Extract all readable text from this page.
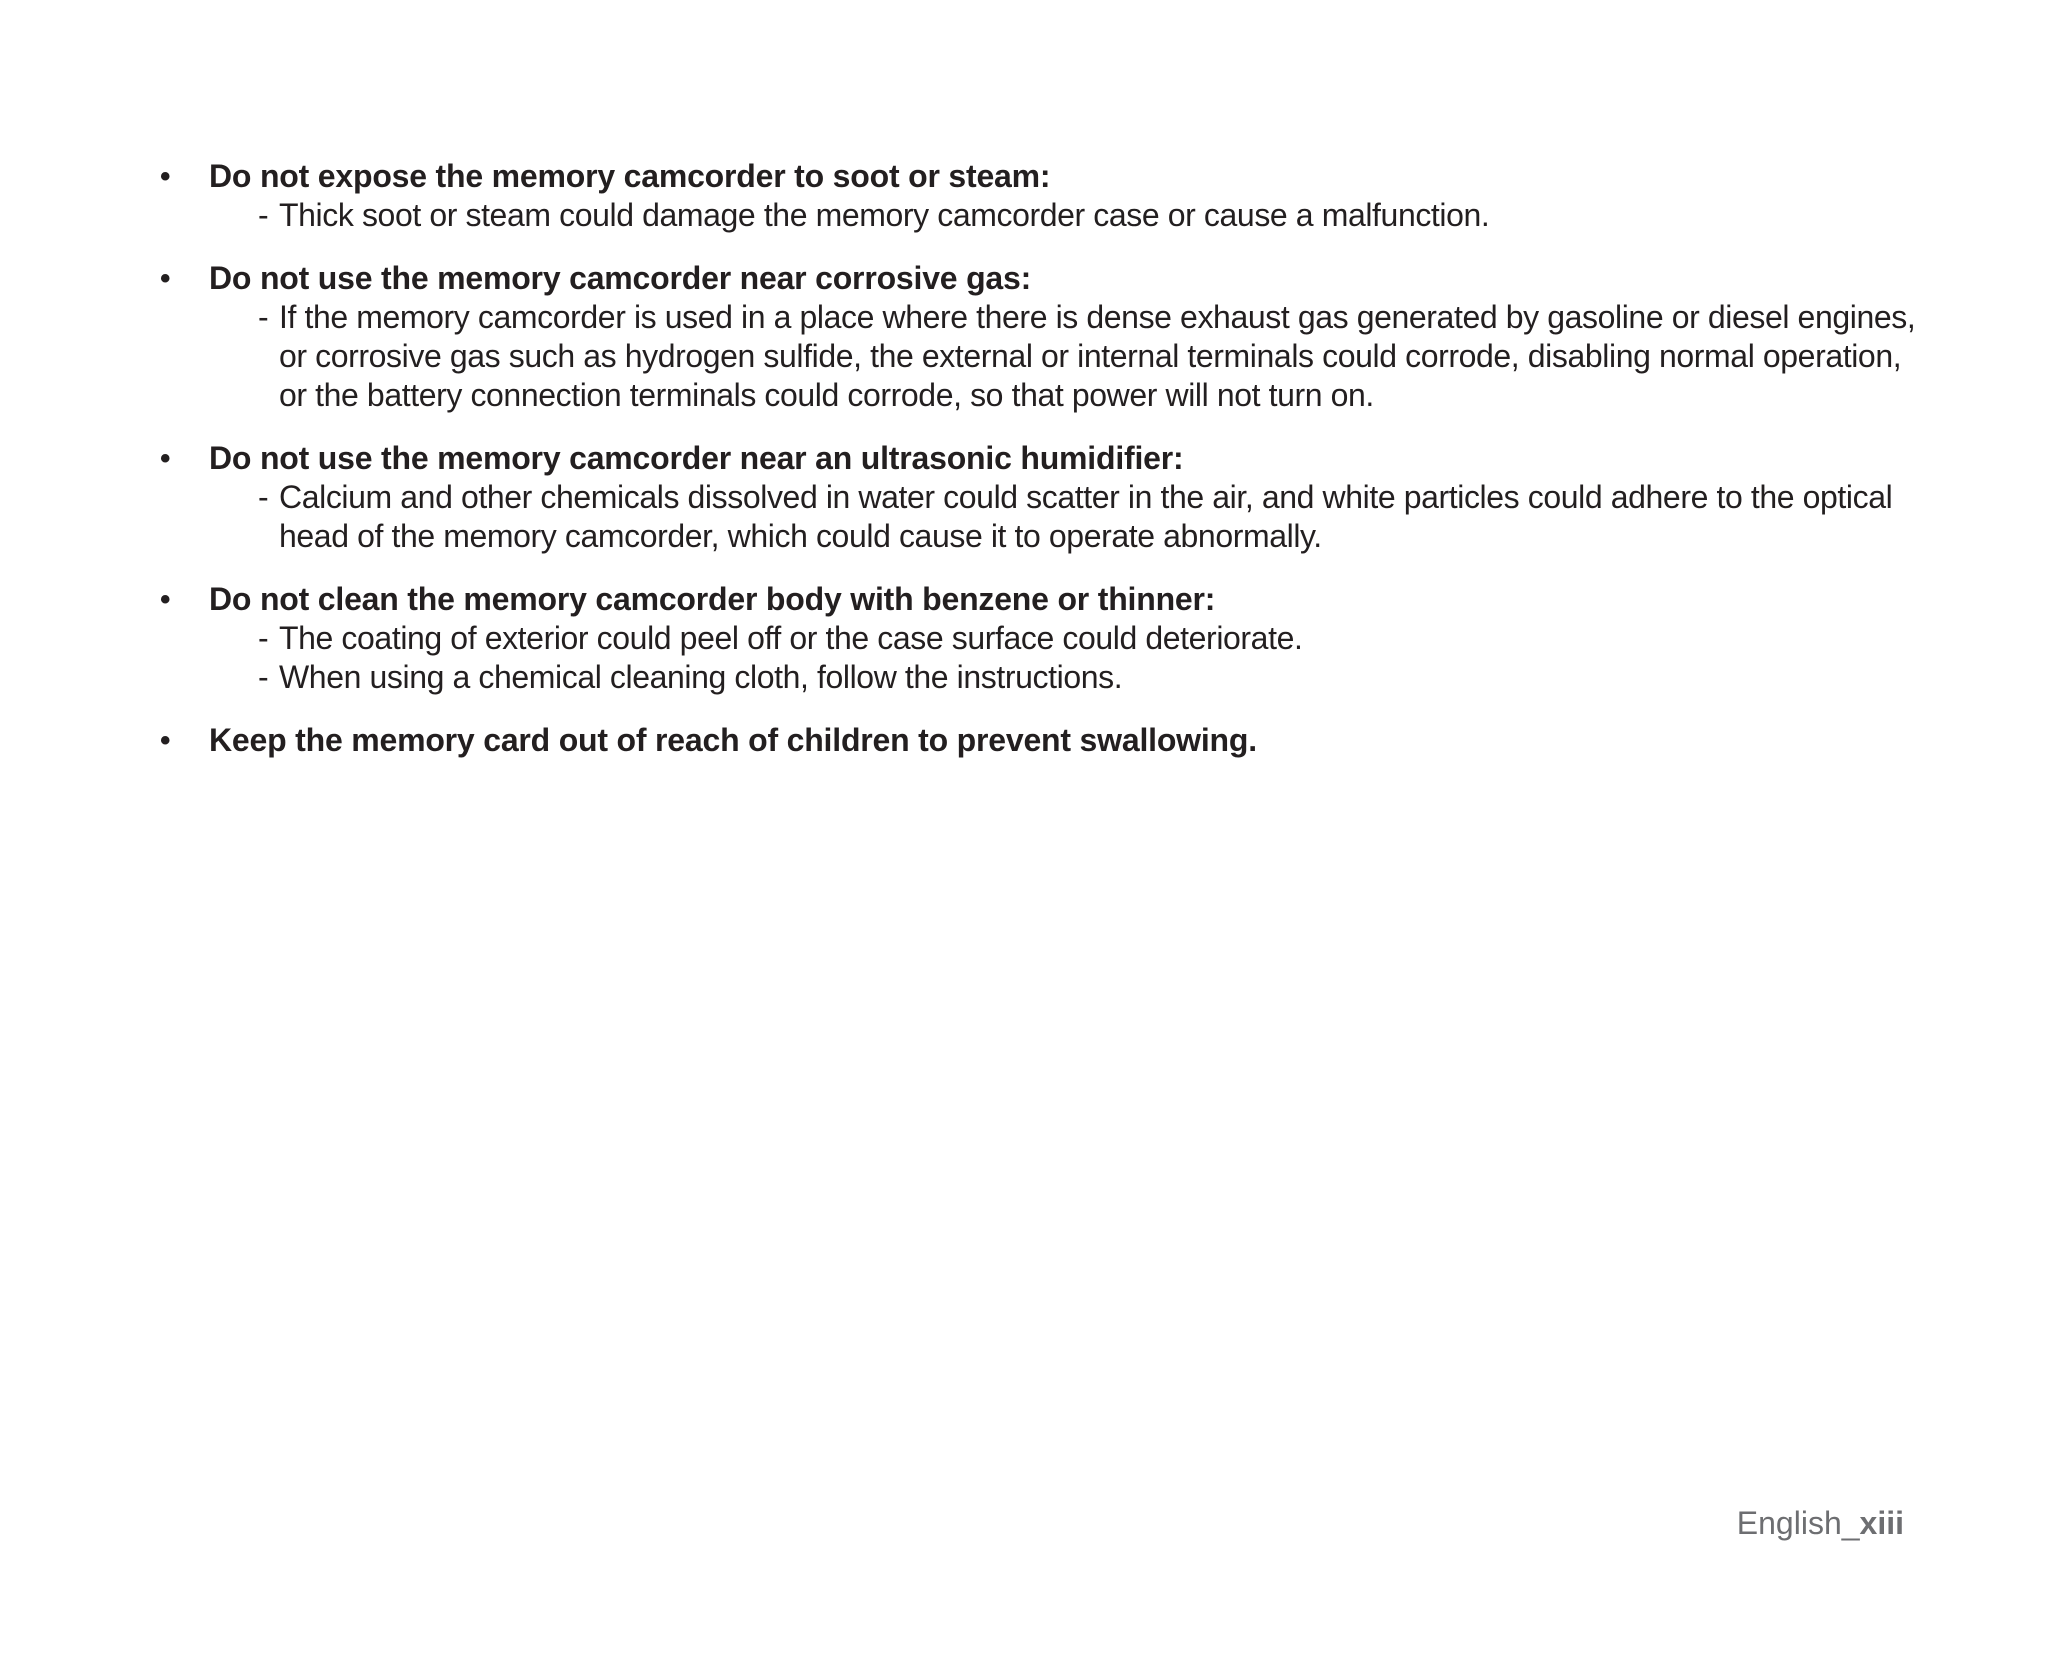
• Do not expose the memory camcorder to soot or steam:
- Thick soot or steam could damage the memory camcorder case or cause a malfunction.
• Do not use the memory camcorder near corrosive gas:
- If the memory camcorder is used in a place where there is dense exhaust gas generated by gasoline or diesel engines, or corrosive gas such as hydrogen sulfide, the external or internal terminals could corrode, disabling normal operation, or the battery connection terminals could corrode, so that power will not turn on.
• Do not use the memory camcorder near an ultrasonic humidifier:
- Calcium and other chemicals dissolved in water could scatter in the air, and white particles could adhere to the optical head of the memory camcorder, which could cause it to operate abnormally.
• Do not clean the memory camcorder body with benzene or thinner:
- The coating of exterior could peel off or the case surface could deteriorate.
- When using a chemical cleaning cloth, follow the instructions.
• Keep the memory card out of reach of children to prevent swallowing.
English_xiii
